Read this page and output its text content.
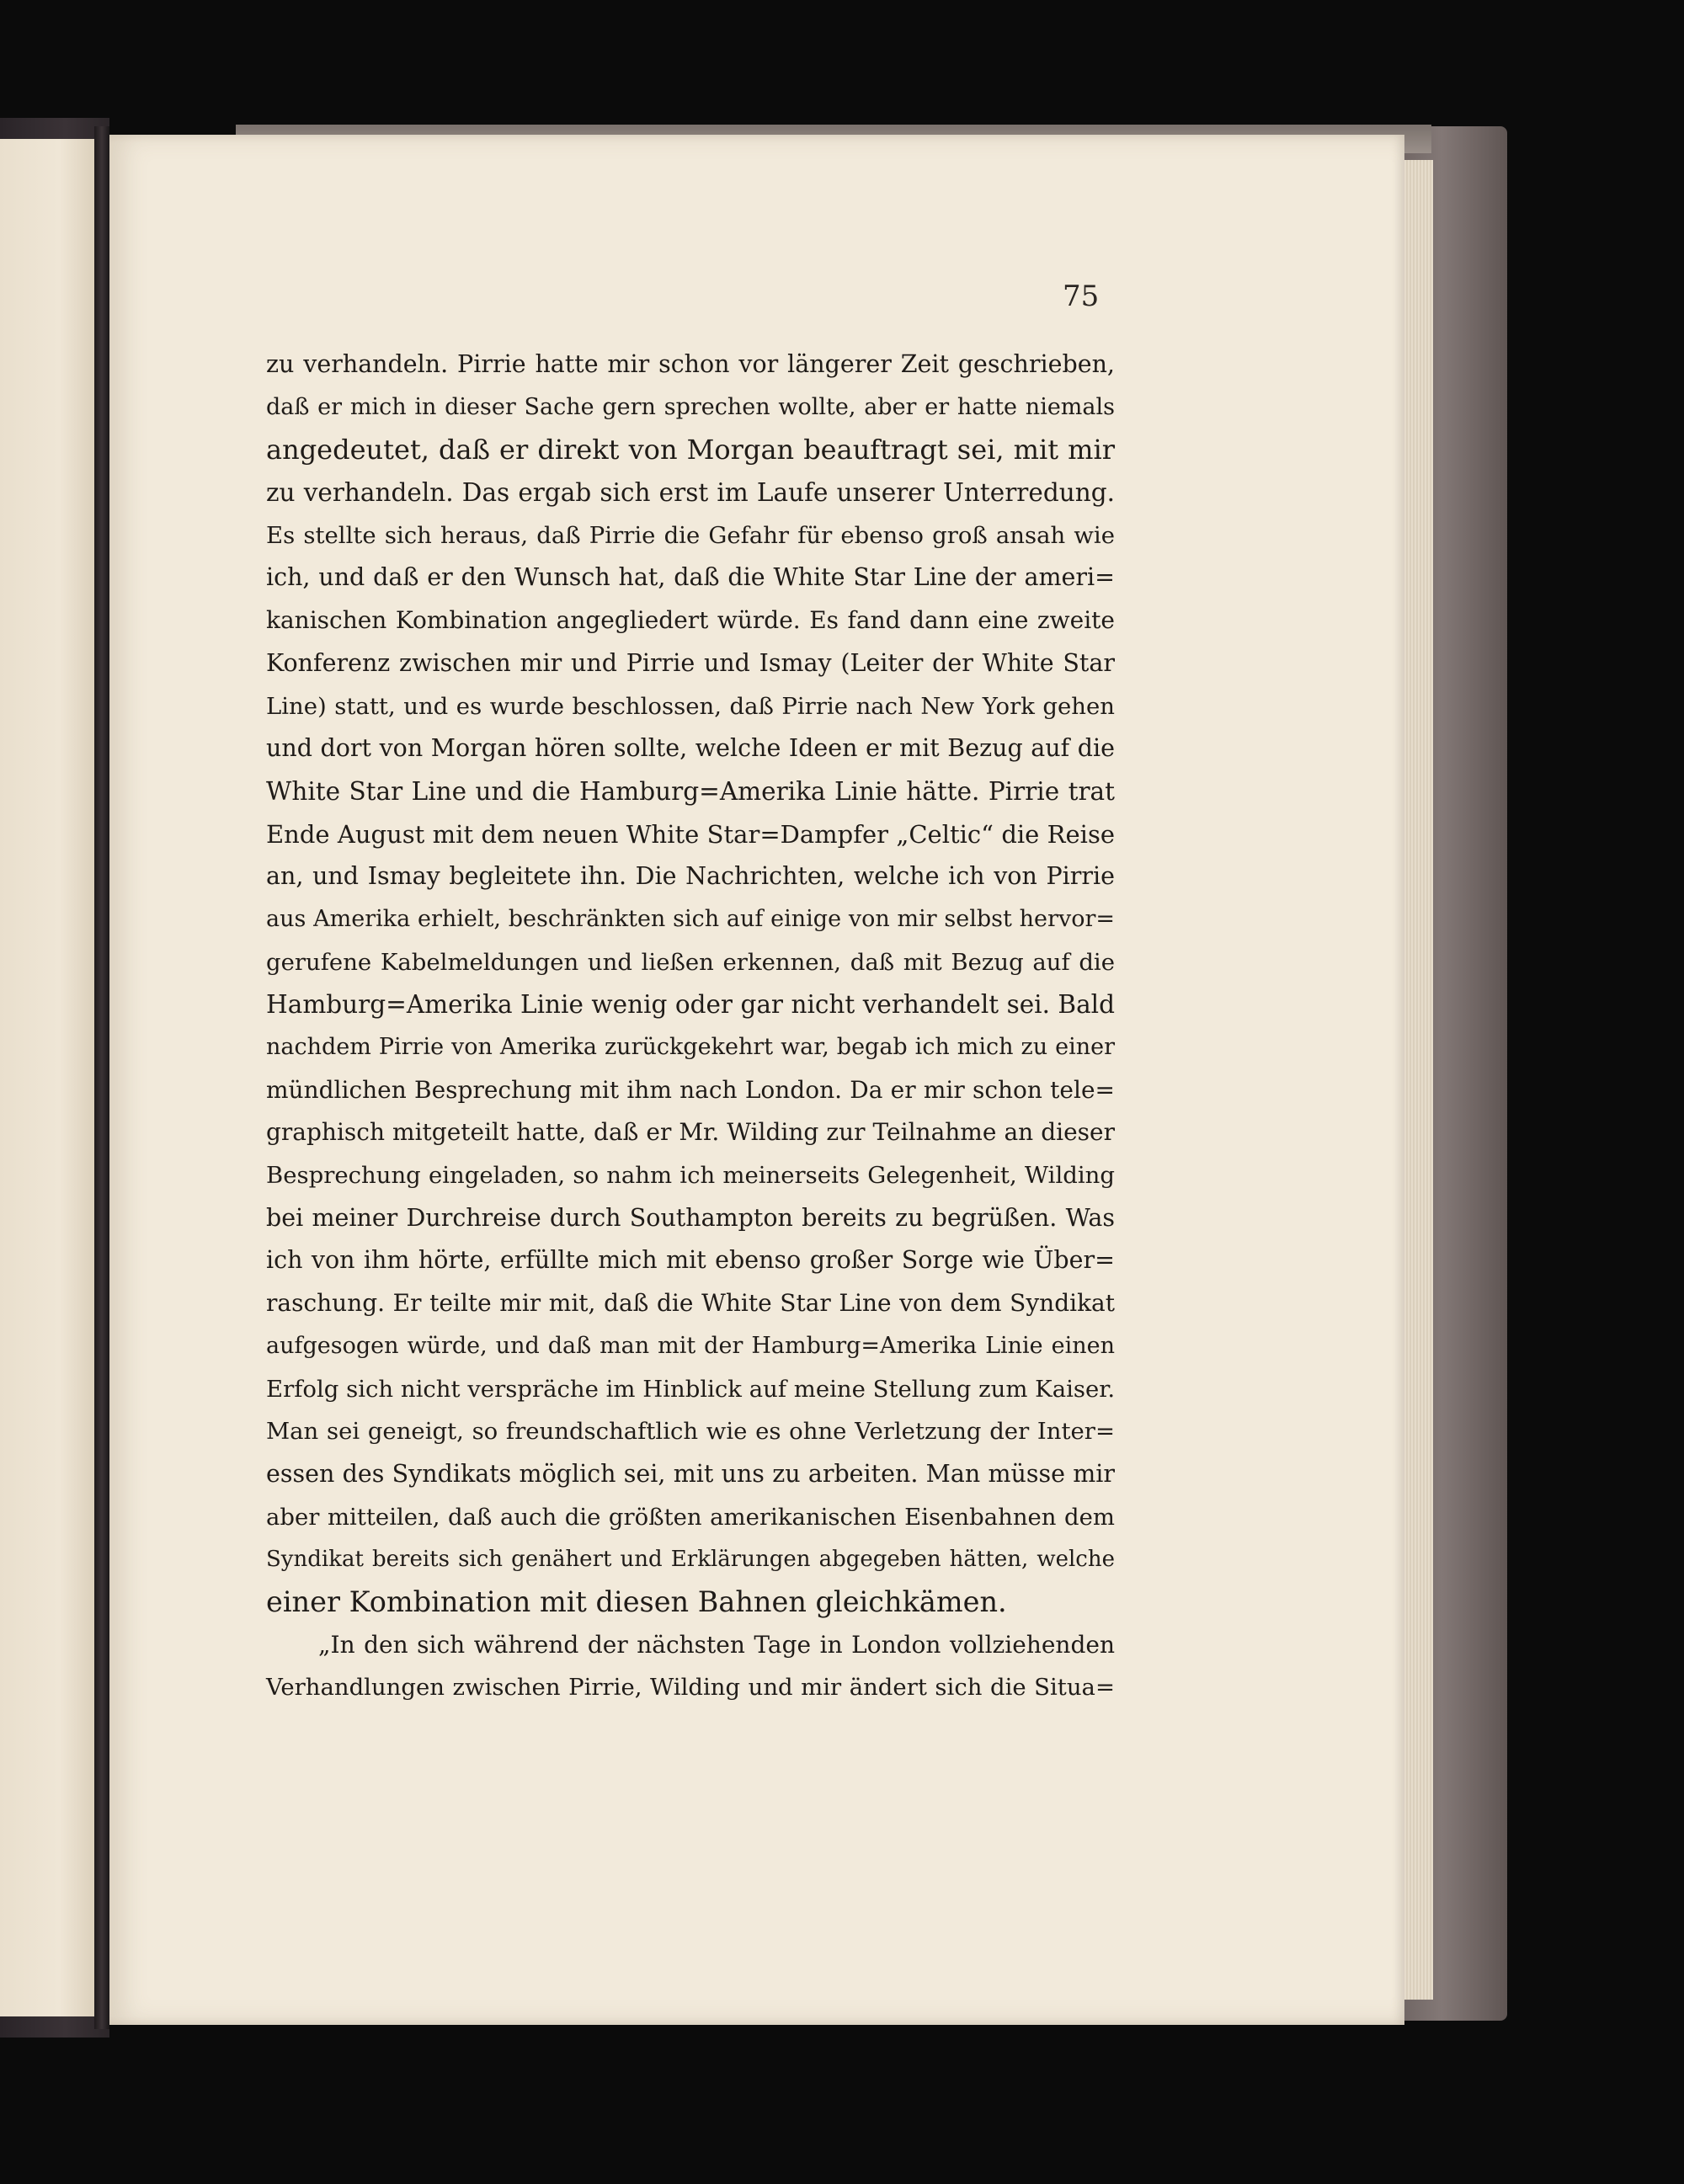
75
zu verhandeln. Pirrie hatte mir schon vor längerer Zeit geschrieben,
daß er mich in dieser Sache gern sprechen wollte, aber er hatte niemals
angedeutet, daß er direkt von Morgan beauftragt sei, mit mir
zu verhandeln. Das ergab sich erst im Laufe unserer Unterredung.
Es stellte sich heraus, daß Pirrie die Gefahr für ebenso groß ansah wie
ich, und daß er den Wunsch hat, daß die White Star Line der ameri=
kanischen Kombination angegliedert würde. Es fand dann eine zweite
Konferenz zwischen mir und Pirrie und Ismay (Leiter der White Star
Line) statt, und es wurde beschlossen, daß Pirrie nach New York gehen
und dort von Morgan hören sollte, welche Ideen er mit Bezug auf die
White Star Line und die Hamburg=Amerika Linie hätte. Pirrie trat
Ende August mit dem neuen White Star=Dampfer „Celtic“ die Reise
an, und Ismay begleitete ihn. Die Nachrichten, welche ich von Pirrie
aus Amerika erhielt, beschränkten sich auf einige von mir selbst hervor=
gerufene Kabelmeldungen und ließen erkennen, daß mit Bezug auf die
Hamburg=Amerika Linie wenig oder gar nicht verhandelt sei. Bald
nachdem Pirrie von Amerika zurückgekehrt war, begab ich mich zu einer
mündlichen Besprechung mit ihm nach London. Da er mir schon tele=
graphisch mitgeteilt hatte, daß er Mr. Wilding zur Teilnahme an dieser
Besprechung eingeladen, so nahm ich meinerseits Gelegenheit, Wilding
bei meiner Durchreise durch Southampton bereits zu begrüßen. Was
ich von ihm hörte, erfüllte mich mit ebenso großer Sorge wie Über=
raschung. Er teilte mir mit, daß die White Star Line von dem Syndikat
aufgesogen würde, und daß man mit der Hamburg=Amerika Linie einen
Erfolg sich nicht verspräche im Hinblick auf meine Stellung zum Kaiser.
Man sei geneigt, so freundschaftlich wie es ohne Verletzung der Inter=
essen des Syndikats möglich sei, mit uns zu arbeiten. Man müsse mir
aber mitteilen, daß auch die größten amerikanischen Eisenbahnen dem
Syndikat bereits sich genähert und Erklärungen abgegeben hätten, welche
einer Kombination mit diesen Bahnen gleichkämen.
„In den sich während der nächsten Tage in London vollziehenden
Verhandlungen zwischen Pirrie, Wilding und mir ändert sich die Situa=
